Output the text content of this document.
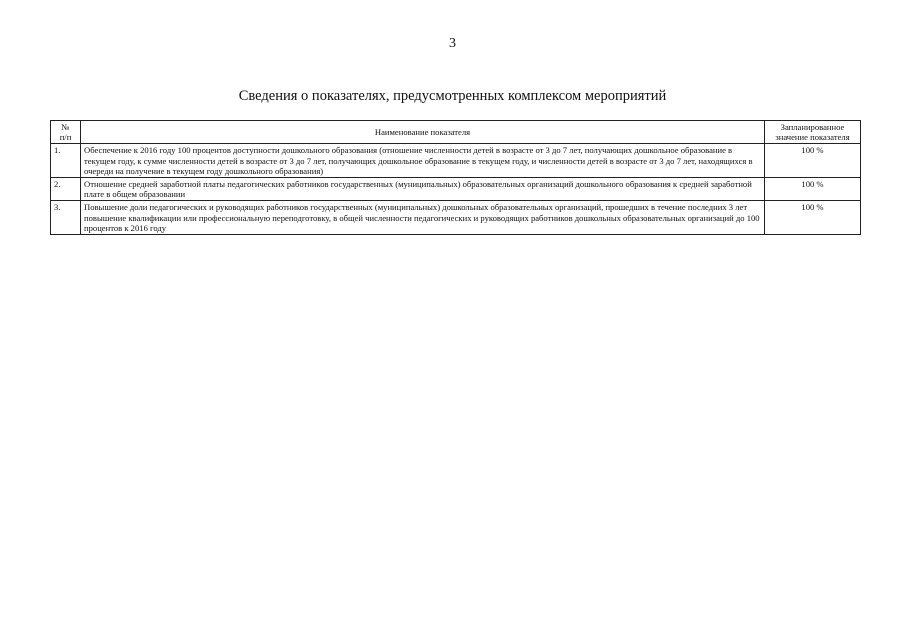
3
Сведения о показателях, предусмотренных комплексом мероприятий
№
п/п	Наименование показателя	Запланированное значение показателя
1.	Обеспечение к 2016 году 100 процентов доступности дошкольного образования (отношение численности детей в возрасте от 3 до 7 лет, получающих дошкольное образование в текущем году, к сумме численности детей в возрасте от 3 до 7 лет, получающих дошкольное образование в текущем году, и численности детей в возрасте от 3 до 7 лет, находящихся в очереди на получение в текущем году дошкольного образования)	100 %
2.	Отношение средней заработной платы педагогических работников государственных (муниципальных) образовательных организаций дошкольного образования к средней заработной плате в общем образовании	100 %
3.	Повышение доли педагогических и руководящих работников государственных (муниципальных) дошкольных образовательных организаций, прошедших в течение последних 3 лет повышение квалификации или профессиональную переподготовку, в общей численности педагогических и руководящих работников дошкольных образовательных организаций до 100 процентов к 2016 году	100 %
